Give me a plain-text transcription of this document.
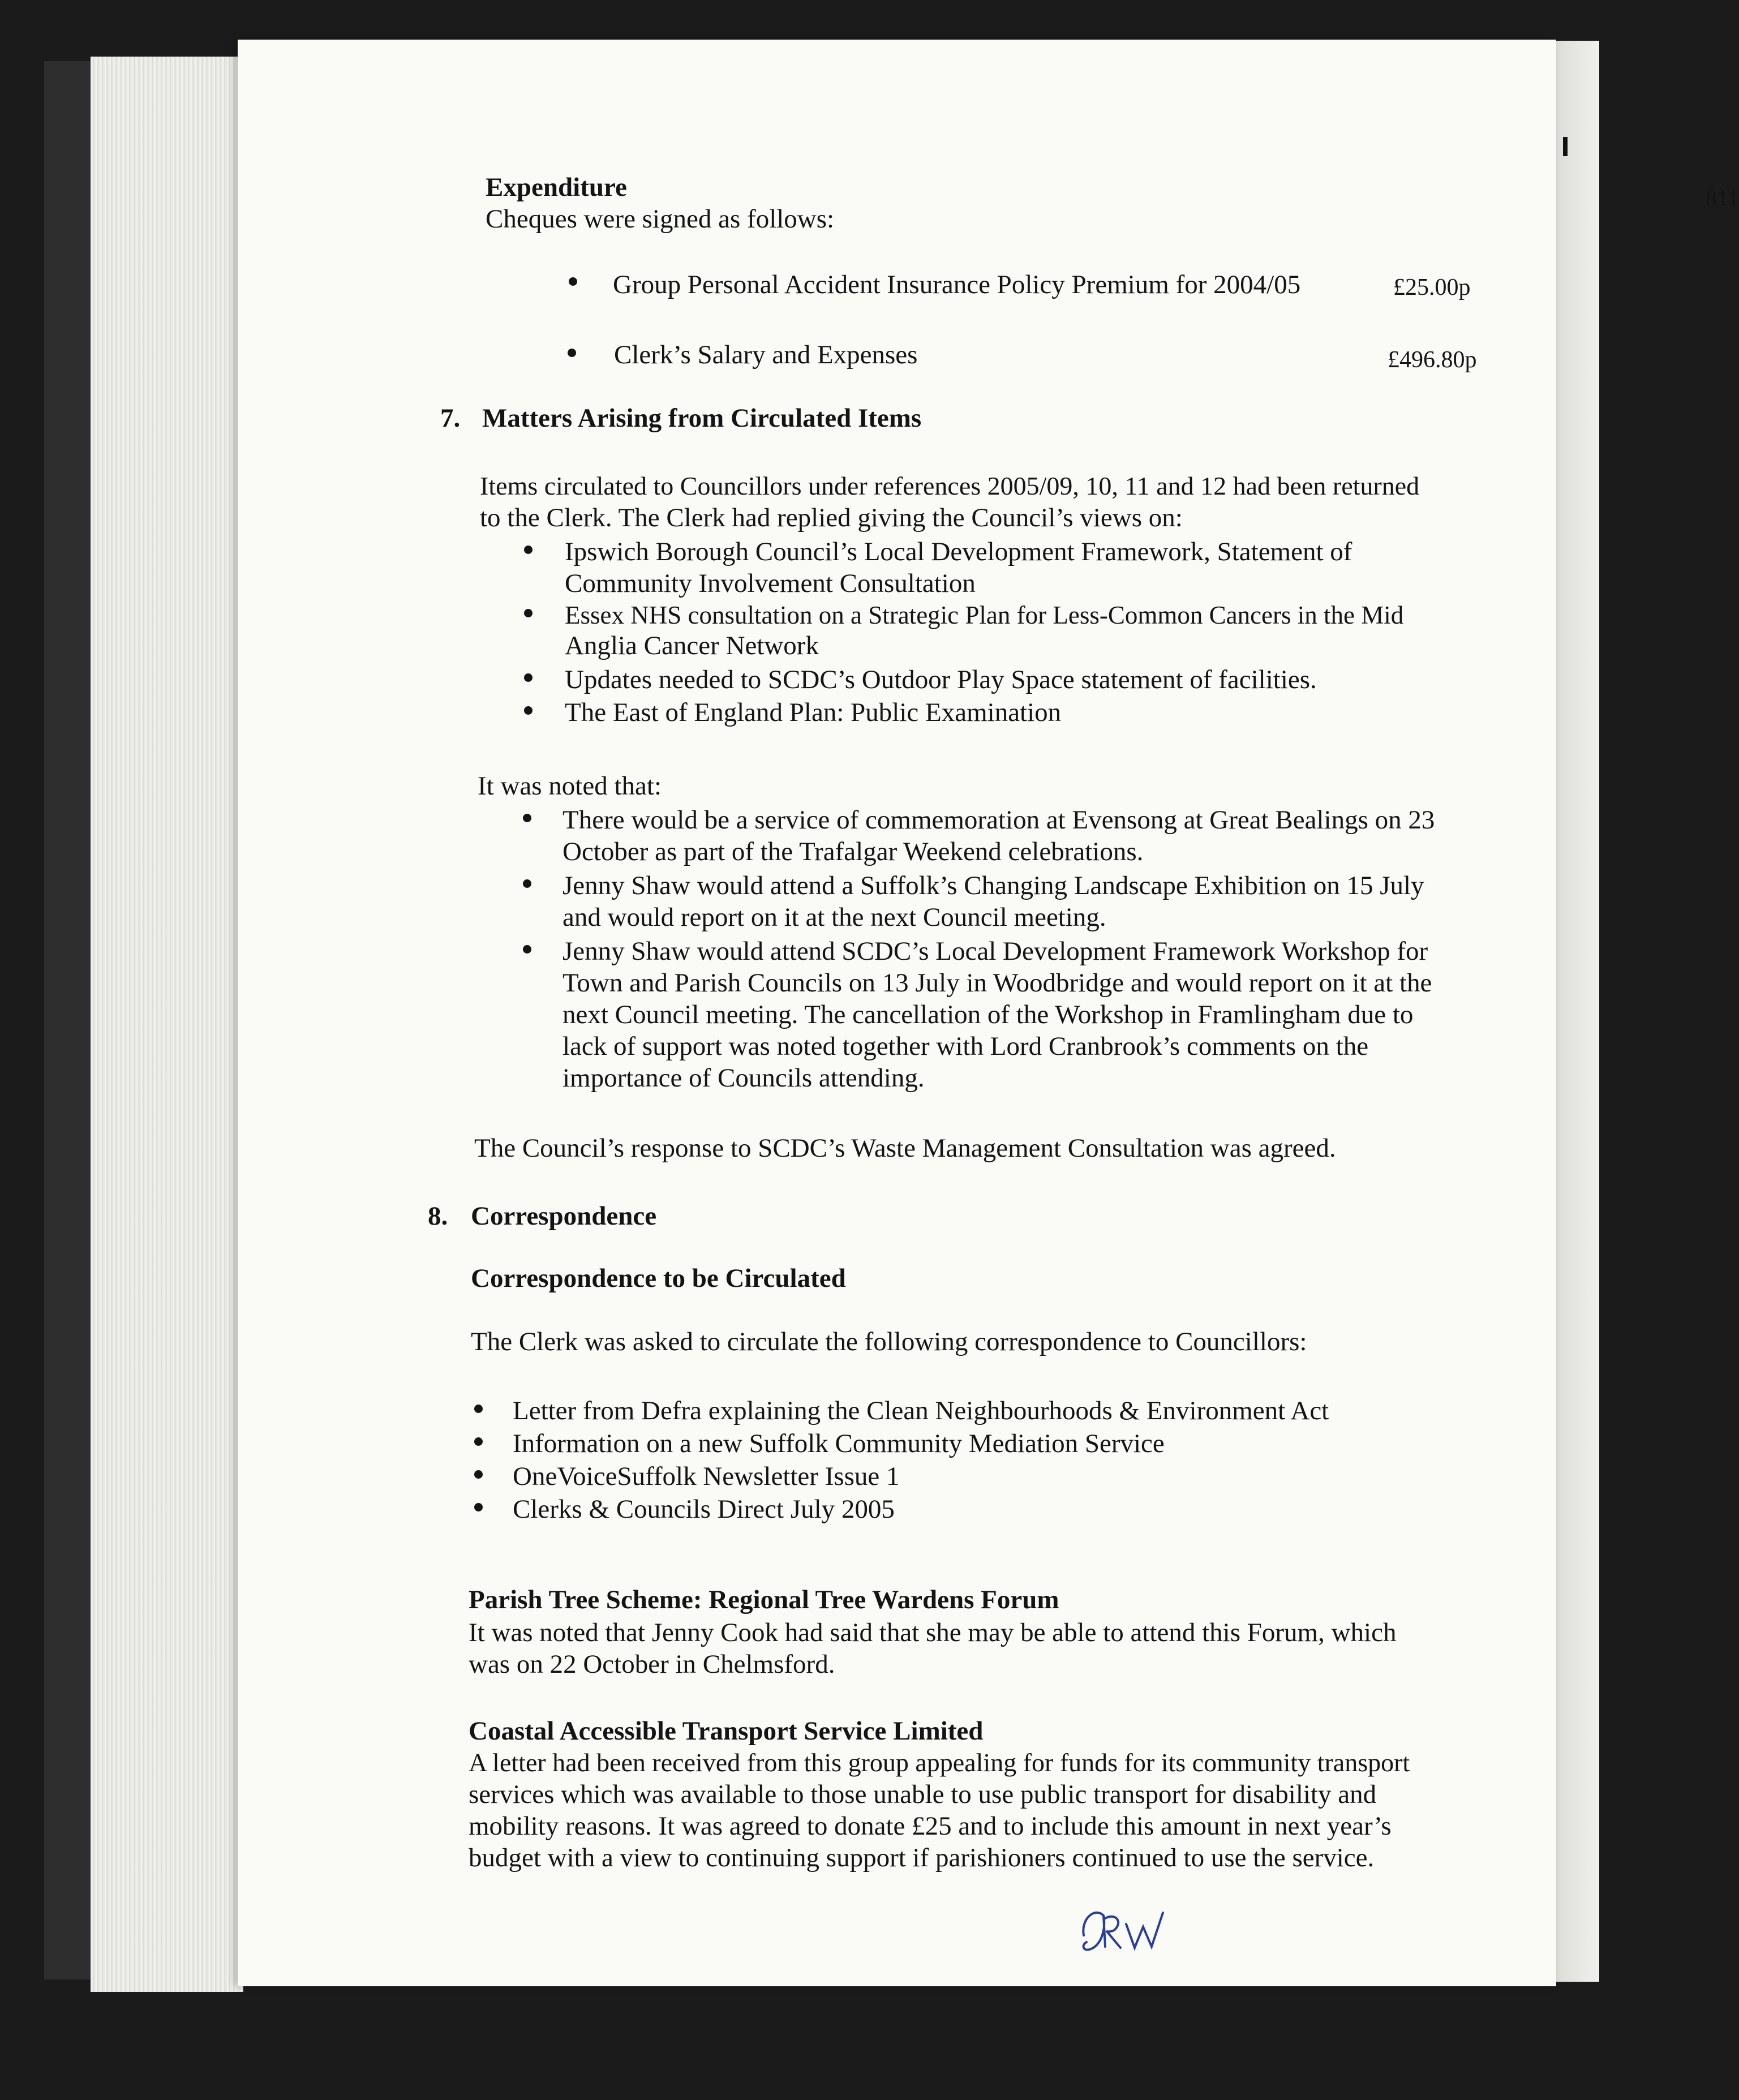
811
Expenditure
Cheques were signed as follows:
Group Personal Accident Insurance Policy Premium for 2004/05	£25.00p
Clerk’s Salary and Expenses	£496.80p
7. Matters Arising from Circulated Items
Items circulated to Councillors under references 2005/09, 10, 11 and 12 had been returned
to the Clerk. The Clerk had replied giving the Council’s views on:
Ipswich Borough Council’s Local Development Framework, Statement of
Community Involvement Consultation
Essex NHS consultation on a Strategic Plan for Less-Common Cancers in the Mid
Anglia Cancer Network
Updates needed to SCDC’s Outdoor Play Space statement of facilities.
The East of England Plan: Public Examination
It was noted that:
There would be a service of commemoration at Evensong at Great Bealings on 23
October as part of the Trafalgar Weekend celebrations.
Jenny Shaw would attend a Suffolk’s Changing Landscape Exhibition on 15 July
and would report on it at the next Council meeting.
Jenny Shaw would attend SCDC’s Local Development Framework Workshop for
Town and Parish Councils on 13 July in Woodbridge and would report on it at the
next Council meeting. The cancellation of the Workshop in Framlingham due to
lack of support was noted together with Lord Cranbrook’s comments on the
importance of Councils attending.
The Council’s response to SCDC’s Waste Management Consultation was agreed.
8. Correspondence
Correspondence to be Circulated
The Clerk was asked to circulate the following correspondence to Councillors:
Letter from Defra explaining the Clean Neighbourhoods & Environment Act
Information on a new Suffolk Community Mediation Service
OneVoiceSuffolk Newsletter Issue 1
Clerks & Councils Direct July 2005
Parish Tree Scheme: Regional Tree Wardens Forum
It was noted that Jenny Cook had said that she may be able to attend this Forum, which
was on 22 October in Chelmsford.
Coastal Accessible Transport Service Limited
A letter had been received from this group appealing for funds for its community transport
services which was available to those unable to use public transport for disability and
mobility reasons. It was agreed to donate £25 and to include this amount in next year’s
budget with a view to continuing support if parishioners continued to use the service.
